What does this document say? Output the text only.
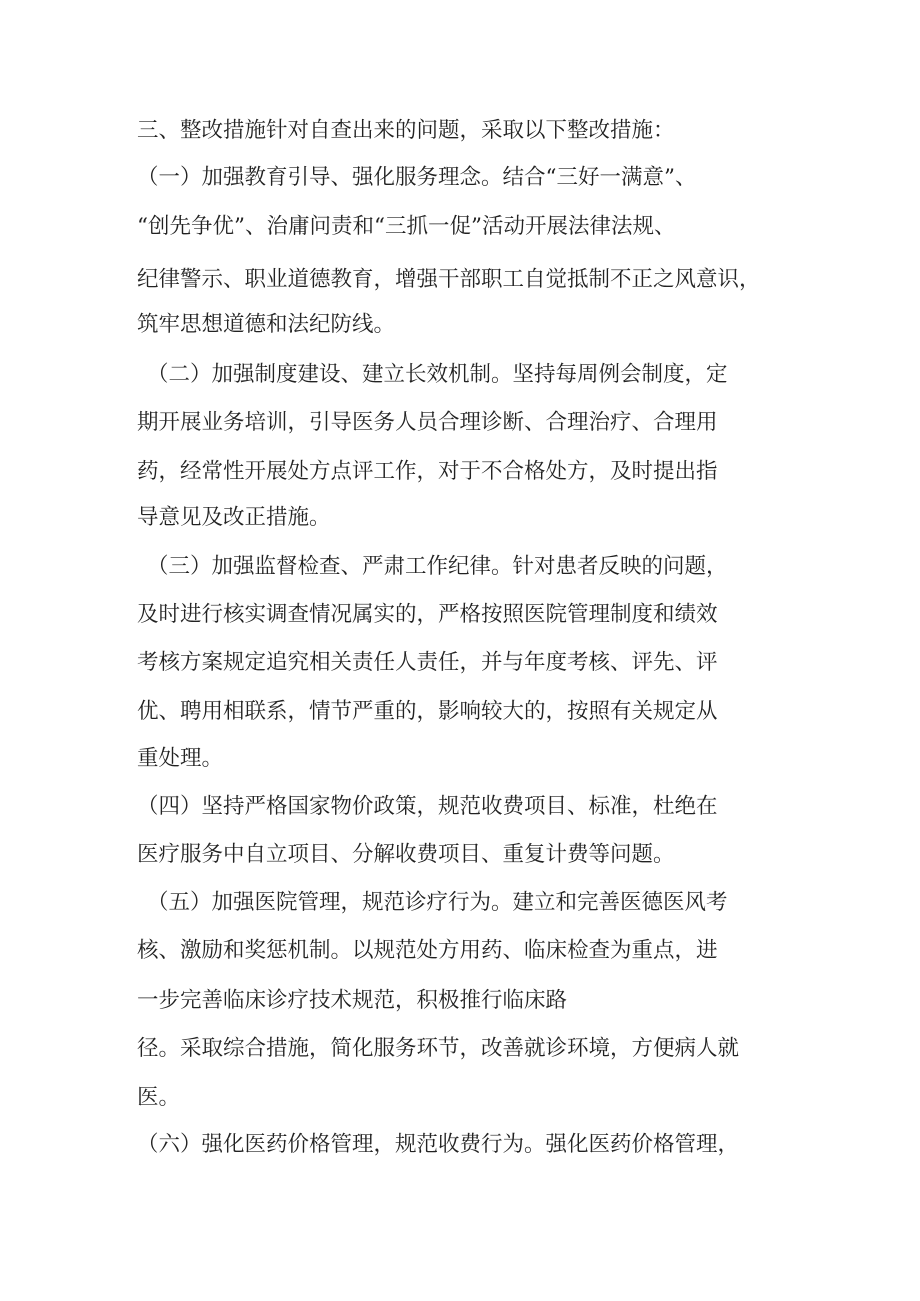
三、整改措施针对自查出来的问题，采取以下整改措施：
（一）加强教育引导、强化服务理念。结合“三好一满意”、
“创先争优”、治庸问责和“三抓一促”活动开展法律法规、
纪律警示、职业道德教育，增强干部职工自觉抵制不正之风意识，
筑牢思想道德和法纪防线。
（二）加强制度建设、建立长效机制。坚持每周例会制度，定
期开展业务培训，引导医务人员合理诊断、合理治疗、合理用
药，经常性开展处方点评工作，对于不合格处方，及时提出指
导意见及改正措施。
（三）加强监督检查、严肃工作纪律。针对患者反映的问题，
及时进行核实调查情况属实的，严格按照医院管理制度和绩效
考核方案规定追究相关责任人责任，并与年度考核、评先、评
优、聘用相联系，情节严重的，影响较大的，按照有关规定从
重处理。
（四）坚持严格国家物价政策，规范收费项目、标准，杜绝在
医疗服务中自立项目、分解收费项目、重复计费等问题。
（五）加强医院管理，规范诊疗行为。建立和完善医德医风考
核、激励和奖惩机制。以规范处方用药、临床检查为重点，进
一步完善临床诊疗技术规范，积极推行临床路
径。采取综合措施，简化服务环节，改善就诊环境，方便病人就
医。
（六）强化医药价格管理，规范收费行为。强化医药价格管理，
